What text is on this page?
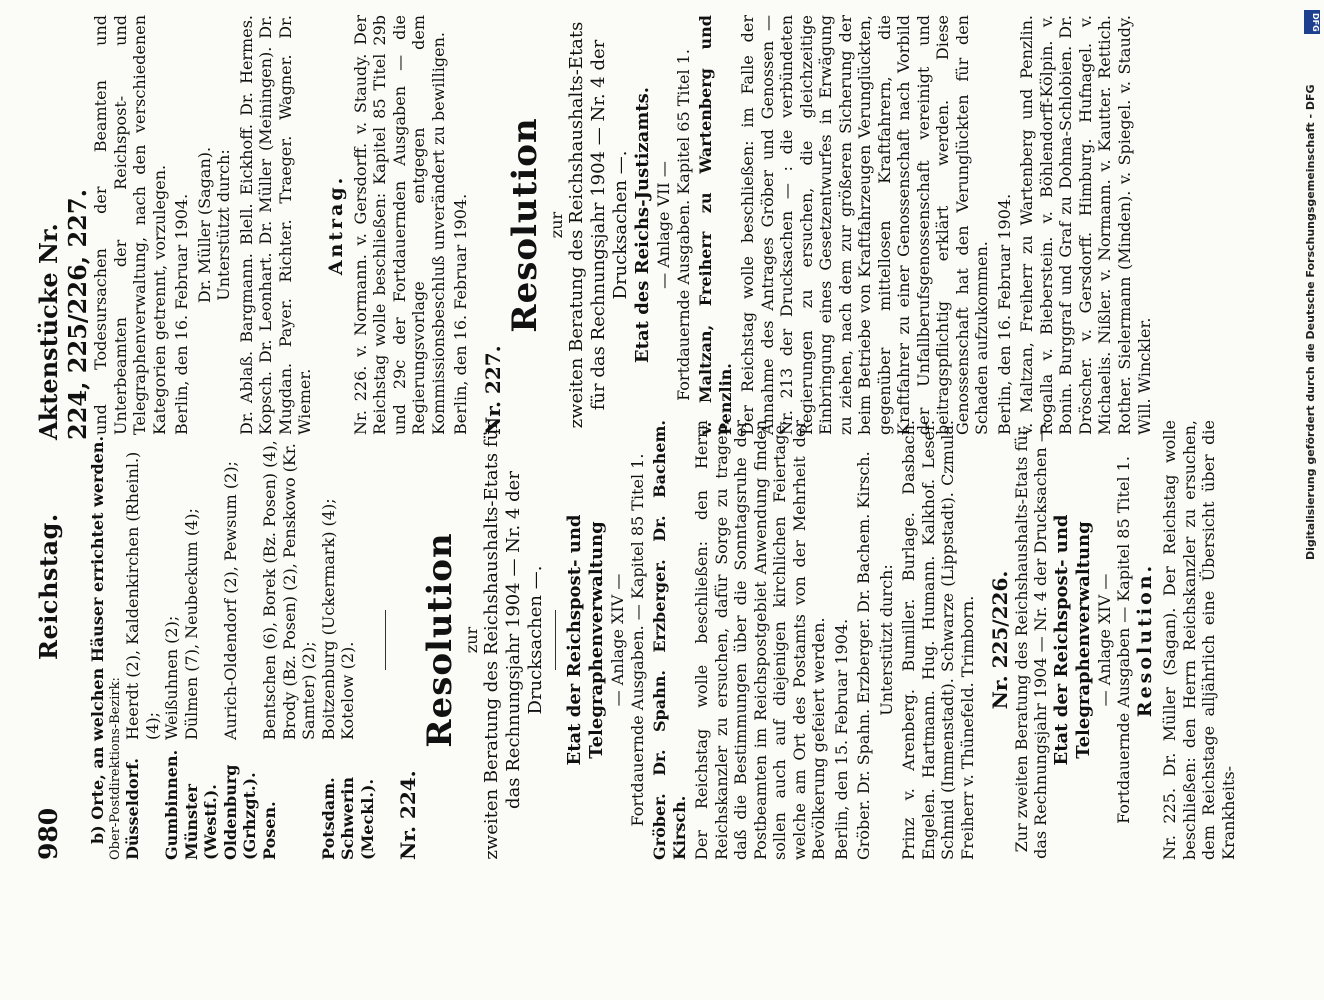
980
Reichstag.
Aktenstücke Nr. 224, 225/226, 227.
b) Orte, an welchen Häuser errichtet werden. Ober-Postdirektions-Bezirk: Düsseldorf.
Heerdt (2), Kaldenkirchen (Rheinl.) (4);
Gumbinnen.
Weißuhnen (2);
Münster (Westf.).
Dülmen (7), Neubeckum (4);
Oldenburg (Grhzgt.).
Aurich-Oldendorf (2), Pewsum (2);
Posen.
Bentschen (6), Borek (Bz. Posen) (4), Brody (Bz. Posen) (2), Penskowo (Kr. Samter) (2);
Potsdam.
Boitzenburg (Uckermark) (4);
Schwerin (Meckl.).
Kotelow (2).
Nr. 224.
Resolution zur zweiten Beratung des Reichshaushalts-Etats für das Rechnungsjahr 1904 — Nr. 4 der Drucksachen —. Etat der Reichspost- und Telegraphenverwaltung — Anlage XIV — Fortdauernde Ausgaben. — Kapitel 85 Titel 1. Gröber. Dr. Spahn. Erzberger. Dr. Bachem. Kirsch. Der Reichstag wolle beschließen: den Herrn Reichskanzler zu ersuchen, dafür Sorge zu tragen, daß die Bestimmungen über die Sonntagsruhe der Postbeamten im Reichspostgebiet Anwendung finden sollen auch auf diejenigen kirchlichen Feiertage, welche am Ort des Postamts von der Mehrheit der Bevölkerung gefeiert werden. Berlin, den 15. Februar 1904. Gröber. Dr. Spahn. Erzberger. Dr. Bachem. Kirsch. Unterstützt durch: Prinz v. Arenberg. Bumiller. Burlage. Dasbach. Engelen. Hartmann. Hug. Humann. Kalkhof. Leser. Schmid (Immenstadt). Schwarze (Lippstadt). Czmula. Freiherr v. Thünefeld. Trimborn. Nr. 225/226. Zur zweiten Beratung des Reichshaushalts-Etats für das Rechnungsjahr 1904 — Nr. 4 der Drucksachen —. Etat der Reichspost- und Telegraphenverwaltung — Anlage XIV — Fortdauernde Ausgaben — Kapitel 85 Titel 1. Resolution. Nr. 225. Dr. Müller (Sagan). Der Reichstag wolle beschließen: den Herrn Reichskanzler zu ersuchen, dem Reichstage alljährlich eine Übersicht über die Krankheits-

und Todesursachen der Beamten und Unterbeamten der Reichspost- und Telegraphenverwaltung, nach den verschiedenen Kategorien getrennt, vorzulegen. Berlin, den 16. Februar 1904. Dr. Müller (Sagan). Unterstützt durch: Dr. Ablaß. Bargmann. Blell. Eickhoff. Dr. Hermes. Kopsch. Dr. Leonhart. Dr. Müller (Meiningen). Dr. Mugdan. Payer. Richter. Traeger. Wagner. Dr. Wiemer.

Antrag. Nr. 226. v. Normann. v. Gersdorff. v. Staudy. Der Reichstag wolle beschließen: Kapitel 85 Titel 29b und 29c der Fortdauernden Ausgaben — die Regierungsvorlage entgegen dem Kommissionsbeschluß unverändert zu bewilligen. Berlin, den 16. Februar 1904. Nr. 227.
Resolution zur zweiten Beratung des Reichshaushalts-Etats für das Rechnungsjahr 1904 — Nr. 4 der Drucksachen —. Etat des Reichs-Justizamts. — Anlage VII — Fortdauernde Ausgaben. Kapitel 65 Titel 1. v. Maltzan, Freiherr zu Wartenberg und Penzlin. Der Reichstag wolle beschließen: im Falle der Annahme des Antrages Gröber und Genossen — Nr. 213 der Drucksachen — : die verbündeten Regierungen zu ersuchen, die gleichzeitige Einbringung eines Gesetzentwurfes in Erwägung zu ziehen, nach dem zur größeren Sicherung der beim Betriebe von Kraftfahrzeugen Verunglückten, gegenüber mittellosen Kraftfahrern, die Kraftfahrer zu einer Genossenschaft nach Vorbild der Unfallberufsgenossenschaft vereinigt und beitragspflichtig erklärt werden. Diese Genossenschaft hat den Verunglückten für den Schaden aufzukommen. Berlin, den 16. Februar 1904. v. Maltzan, Freiherr zu Wartenberg und Penzlin. Rogalla v. Bieberstein. v. Böhlendorff-Kölpin. v. Bonin. Burggraf und Graf zu Dohna-Schlobien. Dr. Dröscher. v. Gersdorff. Himburg. Hufnagel. v. Michaelis. Nißler. v. Normann. v. Kautter. Rettich. Rother. Sielermann (Minden). v. Spiegel. v. Staudy. Will. Winckler.

DFG
Digitalisierung gefördert durch die Deutsche Forschungsgemeinschaft - DFG
